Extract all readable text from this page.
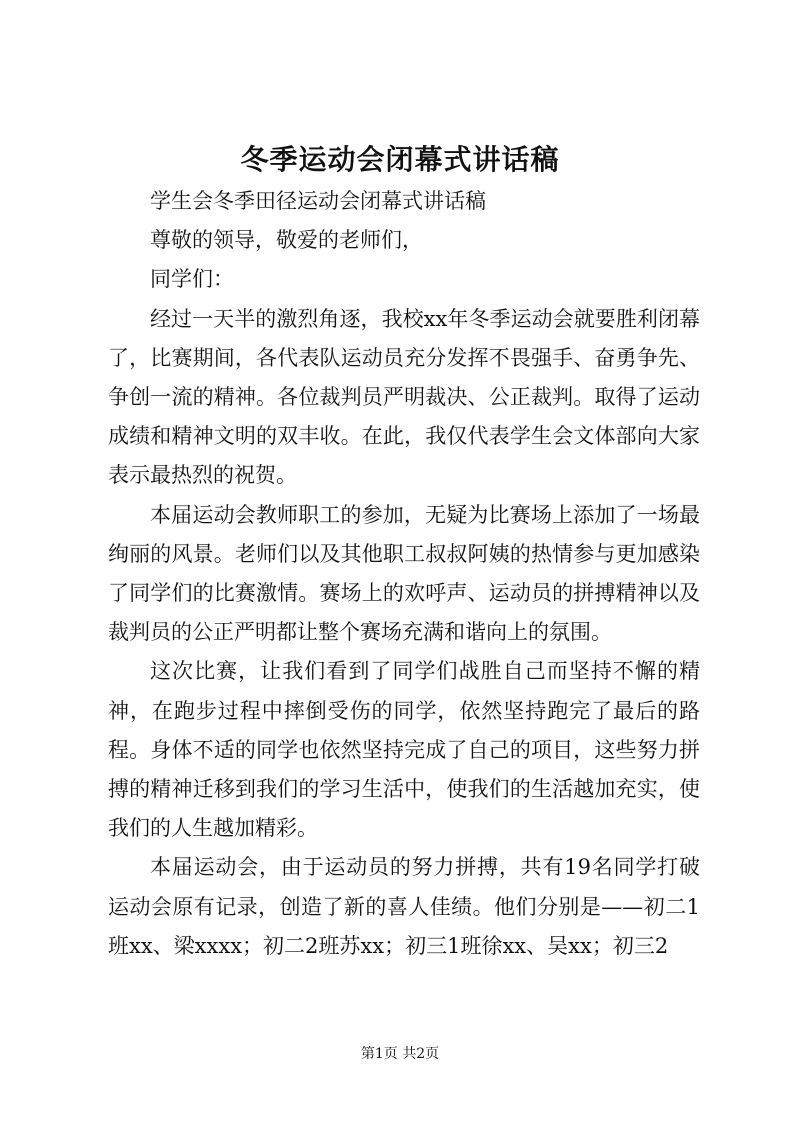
冬季运动会闭幕式讲话稿

学生会冬季田径运动会闭幕式讲话稿

尊敬的领导，敬爱的老师们，

同学们：

经过一天半的激烈角逐，我校xx年冬季运动会就要胜利闭幕了，比赛期间，各代表队运动员充分发挥不畏强手、奋勇争先、争创一流的精神。各位裁判员严明裁决、公正裁判。取得了运动成绩和精神文明的双丰收。在此，我仅代表学生会文体部向大家表示最热烈的祝贺。

本届运动会教师职工的参加，无疑为比赛场上添加了一场最绚丽的风景。老师们以及其他职工叔叔阿姨的热情参与更加感染了同学们的比赛激情。赛场上的欢呼声、运动员的拼搏精神以及裁判员的公正严明都让整个赛场充满和谐向上的氛围。

这次比赛，让我们看到了同学们战胜自己而坚持不懈的精神，在跑步过程中摔倒受伤的同学，依然坚持跑完了最后的路程。身体不适的同学也依然坚持完成了自己的项目，这些努力拼搏的精神迁移到我们的学习生活中，使我们的生活越加充实，使我们的人生越加精彩。

本届运动会，由于运动员的努力拼搏，共有19名同学打破运动会原有记录，创造了新的喜人佳绩。他们分别是——初二1班xx、梁xxxx；初二2班苏xx；初三1班徐xx、吴xx；初三2

第1页 共2页
